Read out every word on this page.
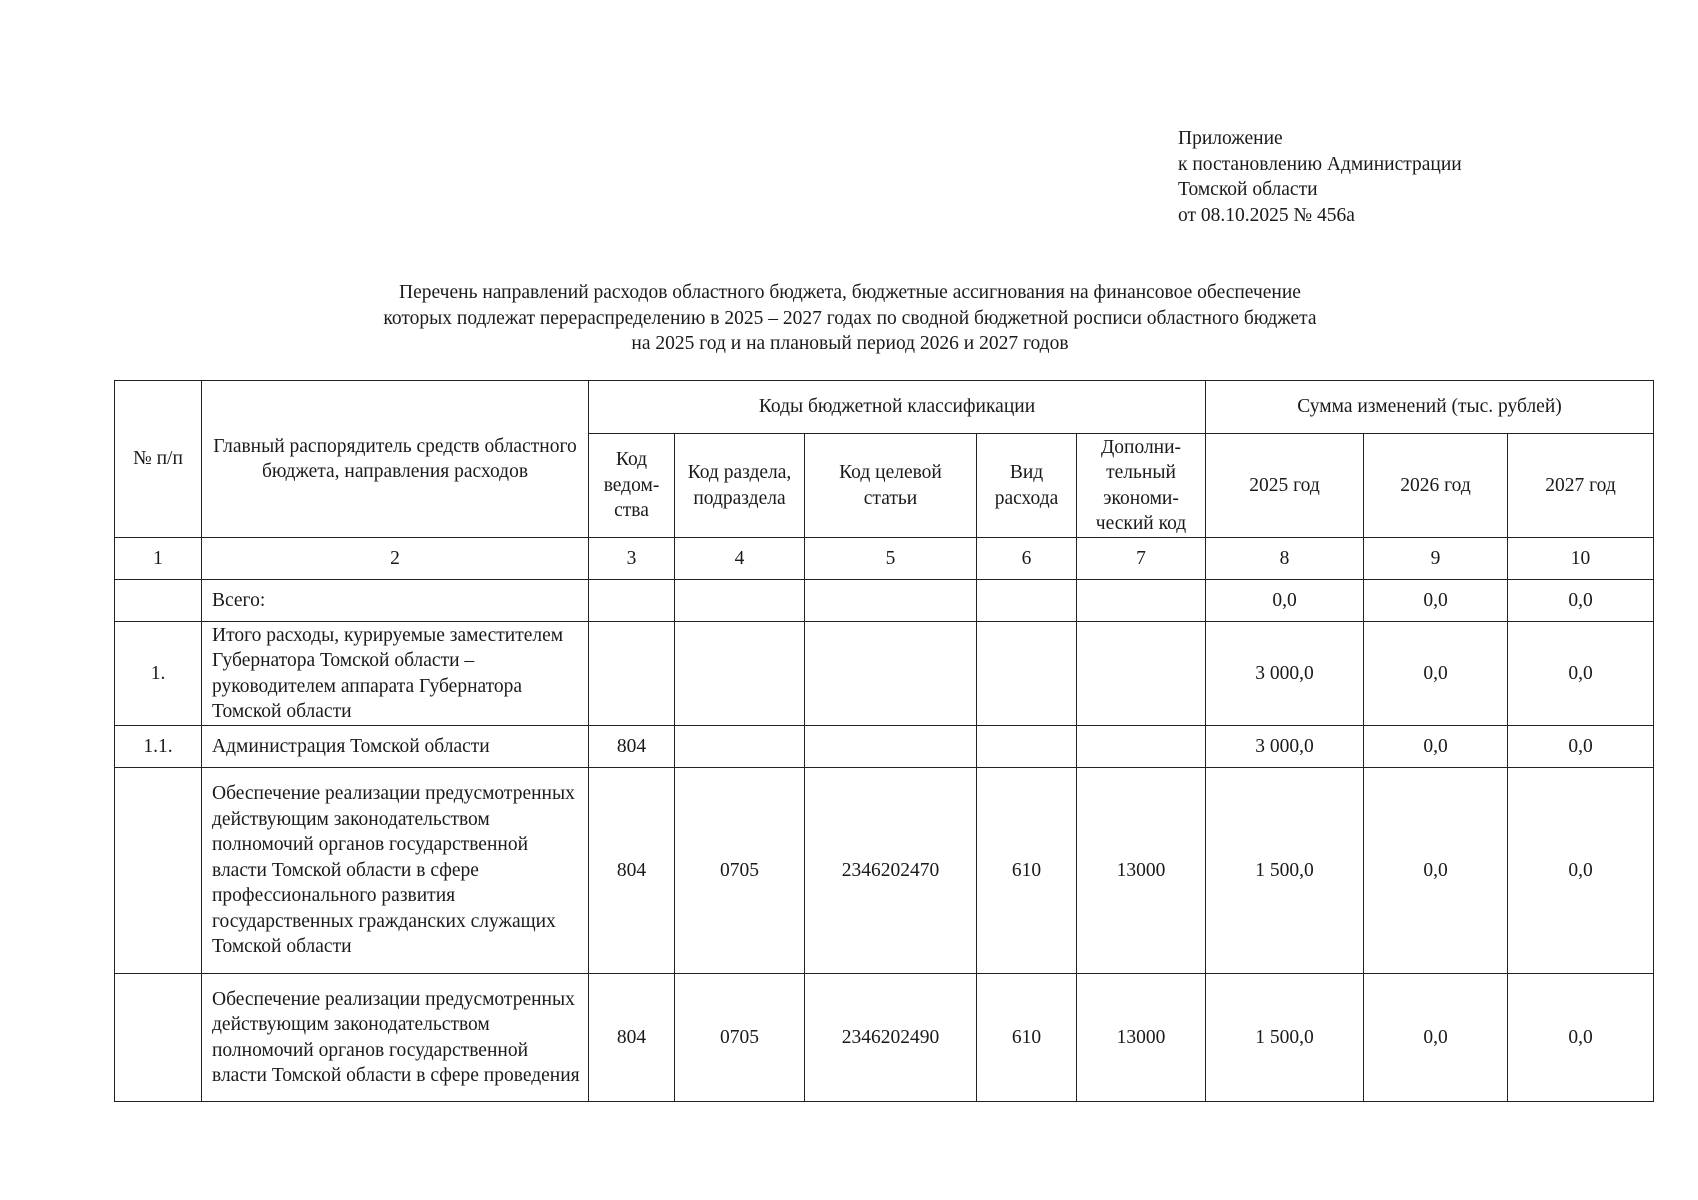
Приложение
к постановлению Администрации
Томской области
от 08.10.2025 № 456а
Перечень направлений расходов областного бюджета, бюджетные ассигнования на финансовое обеспечение
которых подлежат перераспределению в 2025 – 2027 годах по сводной бюджетной росписи областного бюджета
на 2025 год и на плановый период 2026 и 2027 годов
№ п/п	Главный распорядитель средств областного бюджета, направления расходов	Коды бюджетной классификации					Сумма изменений (тыс. рублей)		
		Код ведом-ства	Код раздела, подраздела	Код целевой статьи	Вид расхода	Дополни-тельный экономи-ческий код	2025 год	2026 год	2027 год
1	2	3	4	5	6	7	8	9	10
	Всего:						0,0	0,0	0,0
1.	Итого расходы, курируемые заместителем Губернатора Томской области – руководителем аппарата Губернатора Томской области						3 000,0	0,0	0,0
1.1.	Администрация Томской области	804					3 000,0	0,0	0,0
	Обеспечение реализации предусмотренных действующим законодательством полномочий органов государственной власти Томской области в сфере профессионального развития государственных гражданских служащих Томской области	804	0705	2346202470	610	13000	1 500,0	0,0	0,0
	Обеспечение реализации предусмотренных действующим законодательством полномочий органов государственной власти Томской области в сфере проведения	804	0705	2346202490	610	13000	1 500,0	0,0	0,0
